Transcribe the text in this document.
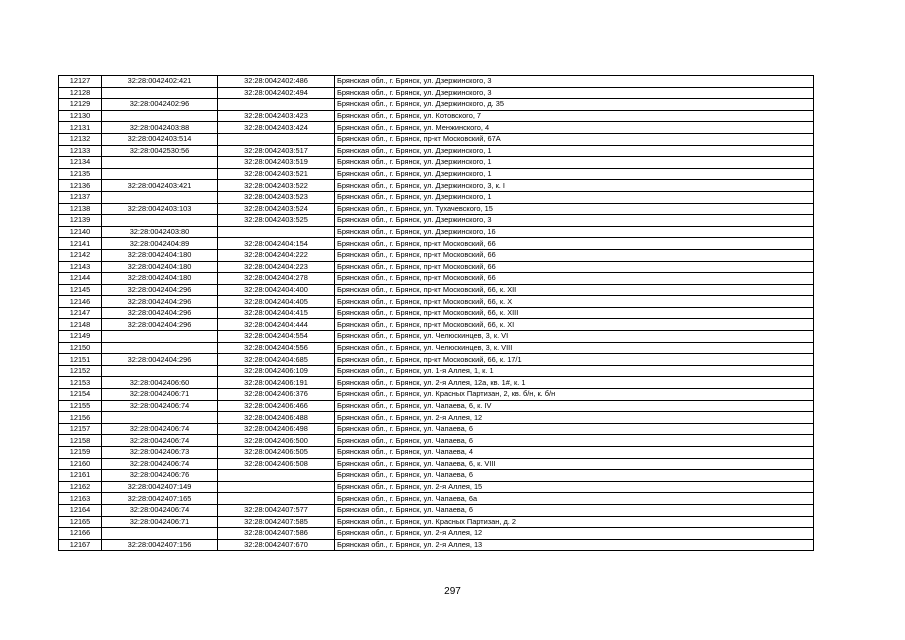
12127	32:28:0042402:421	32:28:0042402:486	Брянская обл., г. Брянск, ул. Дзержинского, 3
12128		32:28:0042402:494	Брянская обл., г. Брянск, ул. Дзержинского, 3
12129	32:28:0042402:96		Брянская обл., г. Брянск, ул. Дзержинского, д. 35
12130		32:28:0042403:423	Брянская обл., г. Брянск, ул. Котовского, 7
12131	32:28:0042403:88	32:28:0042403:424	Брянская обл., г. Брянск, ул. Менжинского, 4
12132	32:28:0042403:514		Брянская обл., г. Брянск, пр-кт Московский, 67А
12133	32:28:0042530:56	32:28:0042403:517	Брянская обл., г. Брянск, ул. Дзержинского, 1
12134		32:28:0042403:519	Брянская обл., г. Брянск, ул. Дзержинского, 1
12135		32:28:0042403:521	Брянская обл., г. Брянск, ул. Дзержинского, 1
12136	32:28:0042403:421	32:28:0042403:522	Брянская обл., г. Брянск, ул. Дзержинского, 3, к. I
12137		32:28:0042403:523	Брянская обл., г. Брянск, ул. Дзержинского, 1
12138	32:28:0042403:103	32:28:0042403:524	Брянская обл., г. Брянск, ул. Тухачевского, 15
12139		32:28:0042403:525	Брянская обл., г. Брянск, ул. Дзержинского, 3
12140	32:28:0042403:80		Брянская обл., г. Брянск, ул. Дзержинского, 16
12141	32:28:0042404:89	32:28:0042404:154	Брянская обл., г. Брянск, пр-кт Московский, 66
12142	32:28:0042404:180	32:28:0042404:222	Брянская обл., г. Брянск, пр-кт Московский, 66
12143	32:28:0042404:180	32:28:0042404:223	Брянская обл., г. Брянск, пр-кт Московский, 66
12144	32:28:0042404:180	32:28:0042404:278	Брянская обл., г. Брянск, пр-кт Московский, 66
12145	32:28:0042404:296	32:28:0042404:400	Брянская обл., г. Брянск, пр-кт Московский, 66, к. XII
12146	32:28:0042404:296	32:28:0042404:405	Брянская обл., г. Брянск, пр-кт Московский, 66, к. X
12147	32:28:0042404:296	32:28:0042404:415	Брянская обл., г. Брянск, пр-кт Московский, 66, к. XIII
12148	32:28:0042404:296	32:28:0042404:444	Брянская обл., г. Брянск, пр-кт Московский, 66, к. XI
12149		32:28:0042404:554	Брянская обл., г. Брянск, ул. Челюскинцев, 3, к. VI
12150		32:28:0042404:556	Брянская обл., г. Брянск, ул. Челюскинцев, 3, к. VIII
12151	32:28:0042404:296	32:28:0042404:685	Брянская обл., г. Брянск, пр-кт Московский, 66, к. 17/1
12152		32:28:0042406:109	Брянская обл., г. Брянск, ул. 1-я Аллея, 1, к. 1
12153	32:28:0042406:60	32:28:0042406:191	Брянская обл., г. Брянск, ул. 2-я Аллея, 12а, кв. 1#, к. 1
12154	32:28:0042406:71	32:28:0042406:376	Брянская обл., г. Брянск, ул. Красных Партизан, 2, кв. б/н, к. б/н
12155	32:28:0042406:74	32:28:0042406:466	Брянская обл., г. Брянск, ул. Чапаева, 6, к. IV
12156		32:28:0042406:488	Брянская обл., г. Брянск, ул. 2-я Аллея, 12
12157	32:28:0042406:74	32:28:0042406:498	Брянская обл., г. Брянск, ул. Чапаева, 6
12158	32:28:0042406:74	32:28:0042406:500	Брянская обл., г. Брянск, ул. Чапаева, 6
12159	32:28:0042406:73	32:28:0042406:505	Брянская обл., г. Брянск, ул. Чапаева, 4
12160	32:28:0042406:74	32:28:0042406:508	Брянская обл., г. Брянск, ул. Чапаева, 6, к. VIII
12161	32:28:0042406:76		Брянская обл., г. Брянск, ул. Чапаева, 6
12162	32:28:0042407:149		Брянская обл., г. Брянск, ул. 2-я Аллея, 15
12163	32:28:0042407:165		Брянская обл., г. Брянск, ул. Чапаева, 6а
12164	32:28:0042406:74	32:28:0042407:577	Брянская обл., г. Брянск, ул. Чапаева, 6
12165	32:28:0042406:71	32:28:0042407:585	Брянская обл., г. Брянск, ул. Красных Партизан, д. 2
12166		32:28:0042407:586	Брянская обл., г. Брянск, ул. 2-я Аллея, 12
12167	32:28:0042407:156	32:28:0042407:670	Брянская обл., г. Брянск, ул. 2-я Аллея, 13
297
